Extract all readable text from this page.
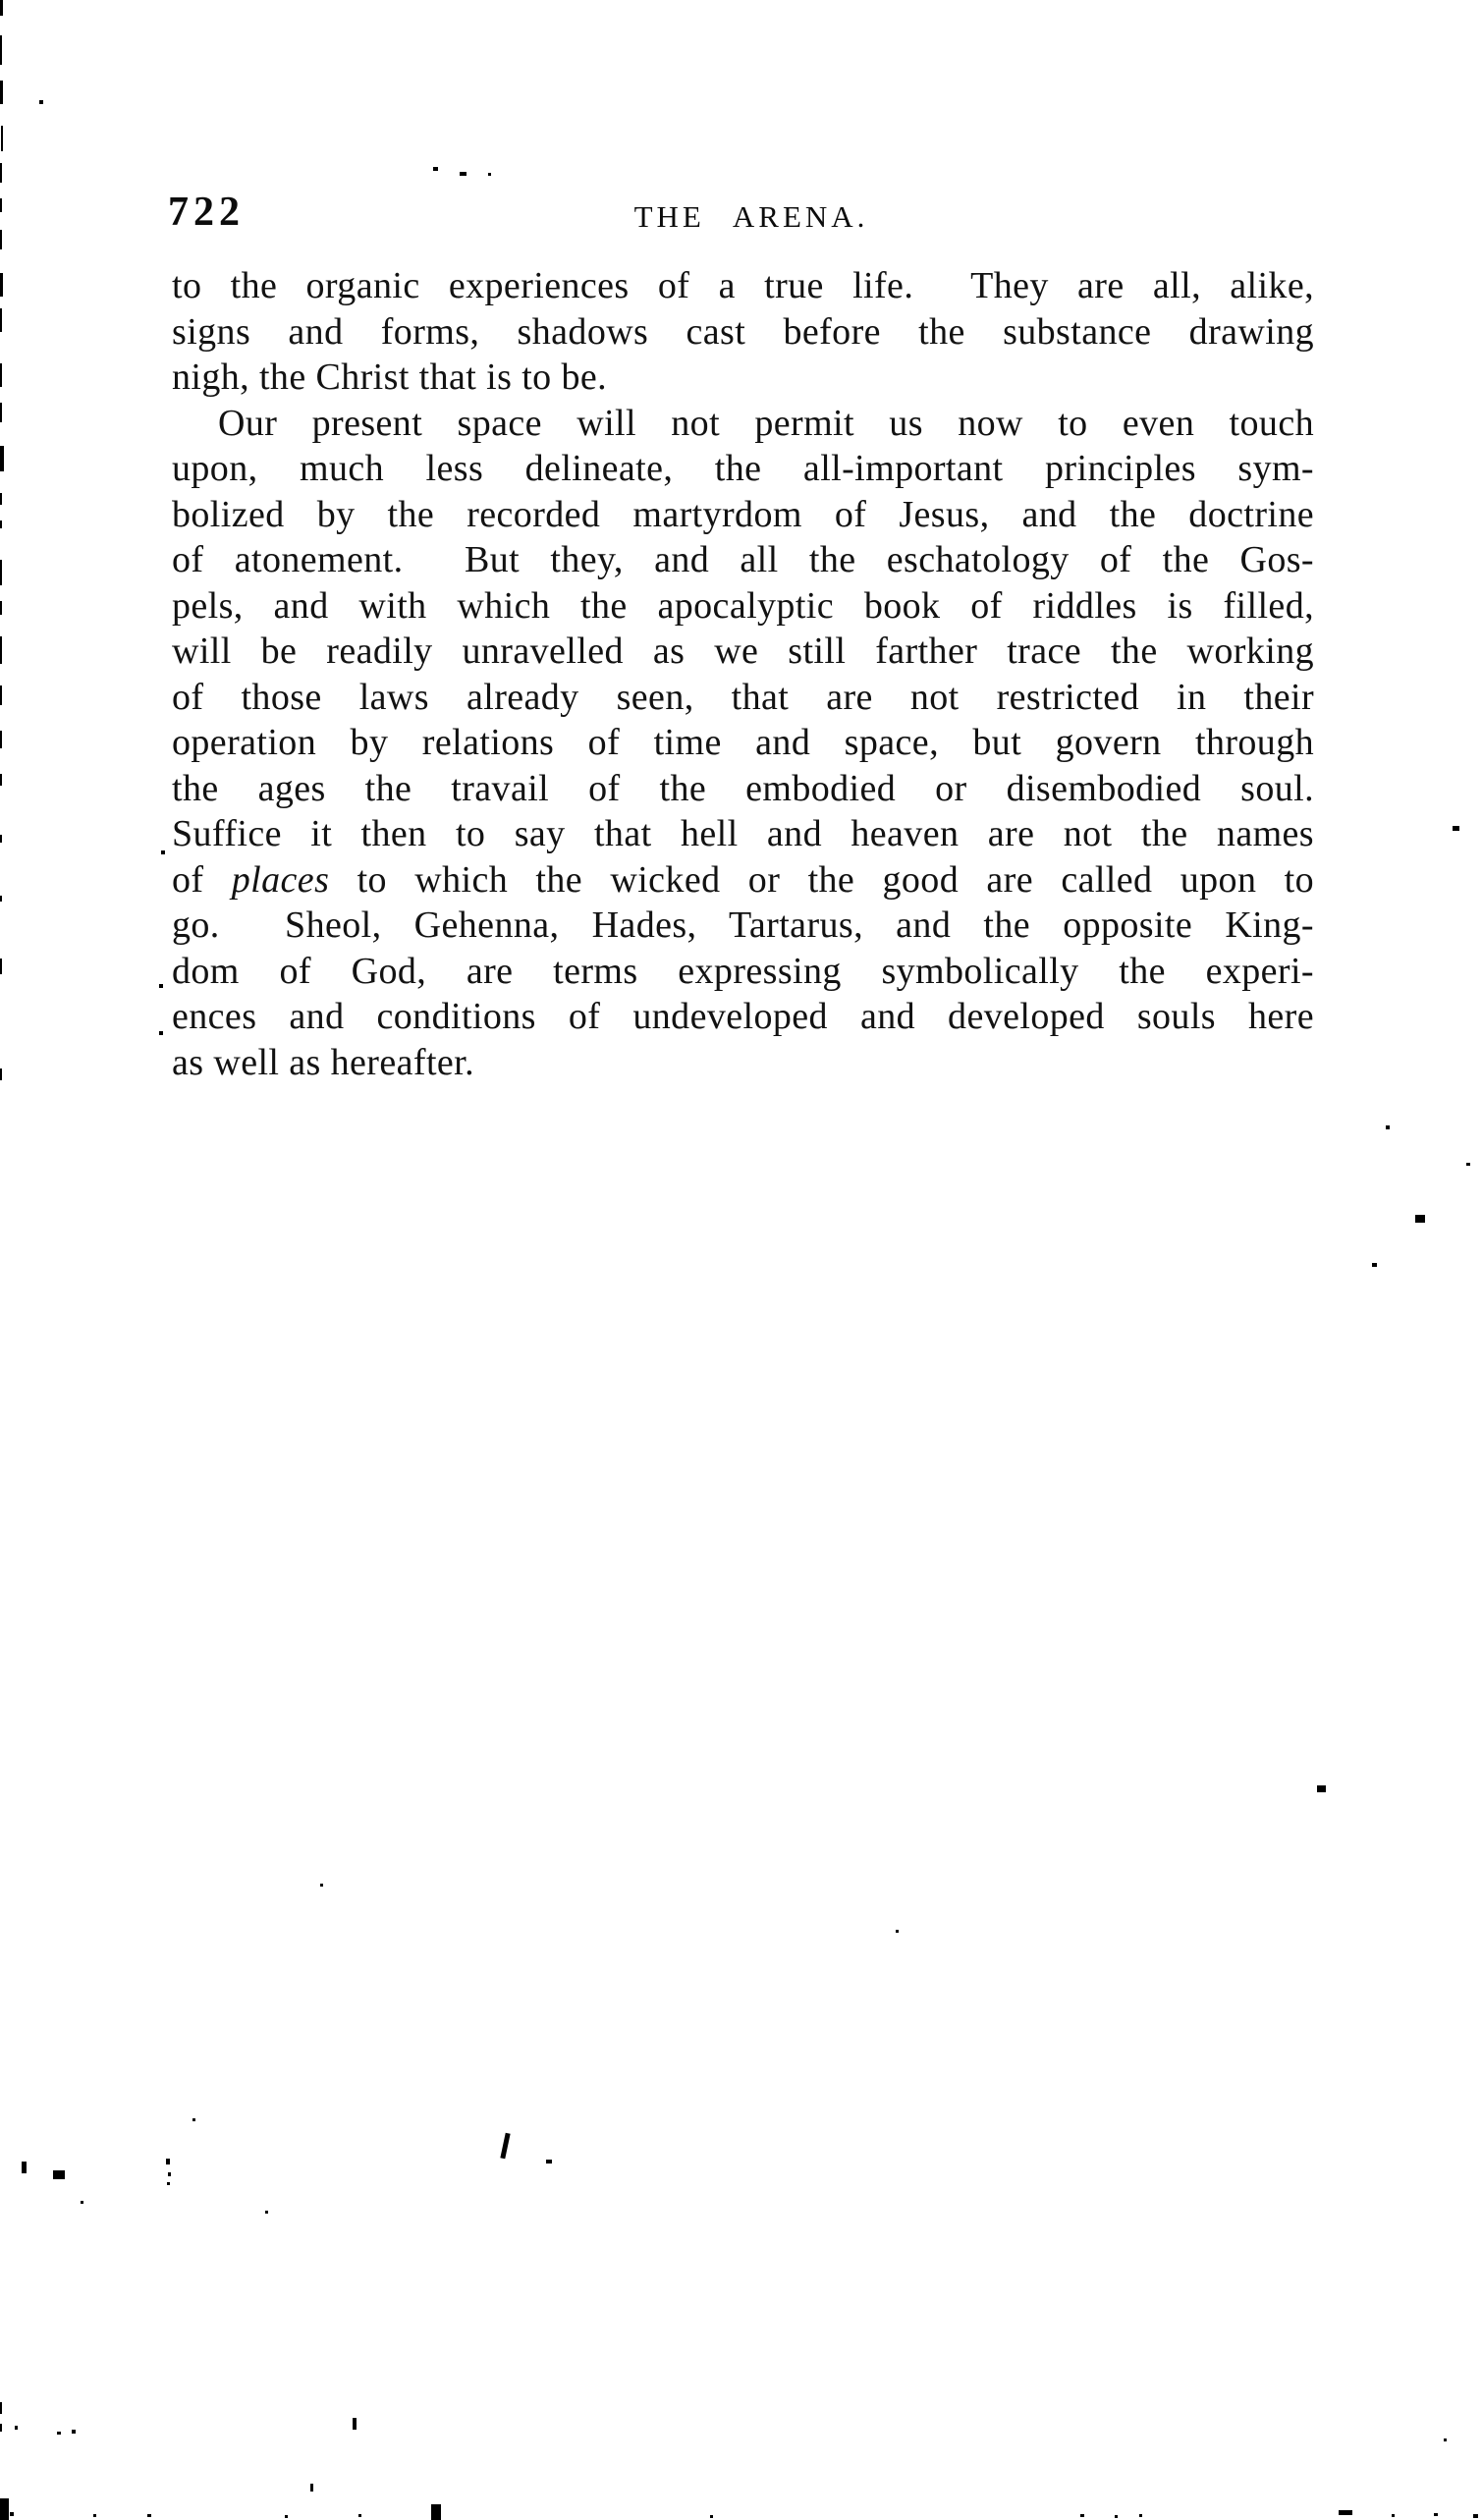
722	THE ARENA.
to the organic experiences of a true life.  They are all, alike,
signs and forms, shadows cast before the substance drawing
nigh, the Christ that is to be.
Our present space will not permit us now to even touch
upon, much less delineate, the all-important principles sym-
bolized by the recorded martyrdom of Jesus, and the doctrine
of atonement.  But they, and all the eschatology of the Gos-
pels, and with which the apocalyptic book of riddles is filled,
will be readily unravelled as we still farther trace the working
of those laws already seen, that are not restricted in their
operation by relations of time and space, but govern through
the ages the travail of the embodied or disembodied soul.
Suffice it then to say that hell and heaven are not the names
of places to which the wicked or the good are called upon to
go.  Sheol, Gehenna, Hades, Tartarus, and the opposite King-
dom of God, are terms expressing symbolically the experi-
ences and conditions of undeveloped and developed souls here
as well as hereafter.
